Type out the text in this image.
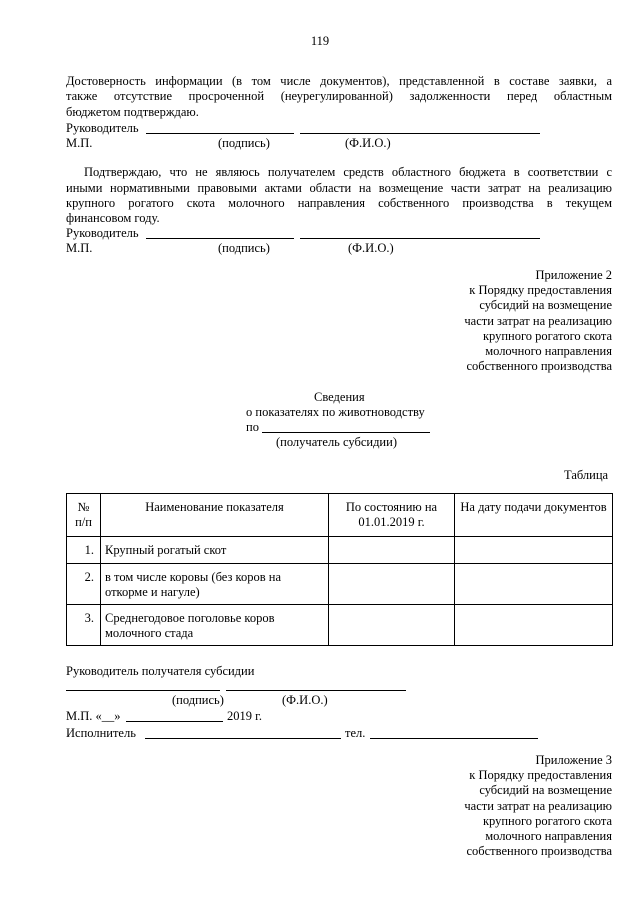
119
Достоверность информации (в том числе документов), представленной в составе заявки, а
также отсутствие просроченной (неурегулированной) задолженности перед областным
бюджетом подтверждаю.
Руководитель
М.П.	(подпись)	(Ф.И.О.)
Подтверждаю, что не являюсь получателем средств областного бюджета в соответствии с
иными нормативными правовыми актами области на возмещение части затрат на реализацию
крупного рогатого скота молочного направления собственного производства в текущем
финансовом году.
Руководитель
М.П.	(подпись)	(Ф.И.О.)
Приложение 2
к Порядку предоставления
субсидий на возмещение
части затрат на реализацию
крупного рогатого скота
молочного направления
собственного производства
Сведения
о показателях по животноводству
по
(получатель субсидии)
Таблица
№ п/п	Наименование показателя	По состоянию на 01.01.2019 г.	На дату подачи документов
1.	Крупный рогатый скот		
2.	в том числе коровы (без коров на откорме и нагуле)		
3.	Среднегодовое поголовье коров молочного стада		
Руководитель получателя субсидии
(подпись)	(Ф.И.О.)
М.П. «__»	2019 г.
Исполнитель	тел.
Приложение 3
к Порядку предоставления
субсидий на возмещение
части затрат на реализацию
крупного рогатого скота
молочного направления
собственного производства
